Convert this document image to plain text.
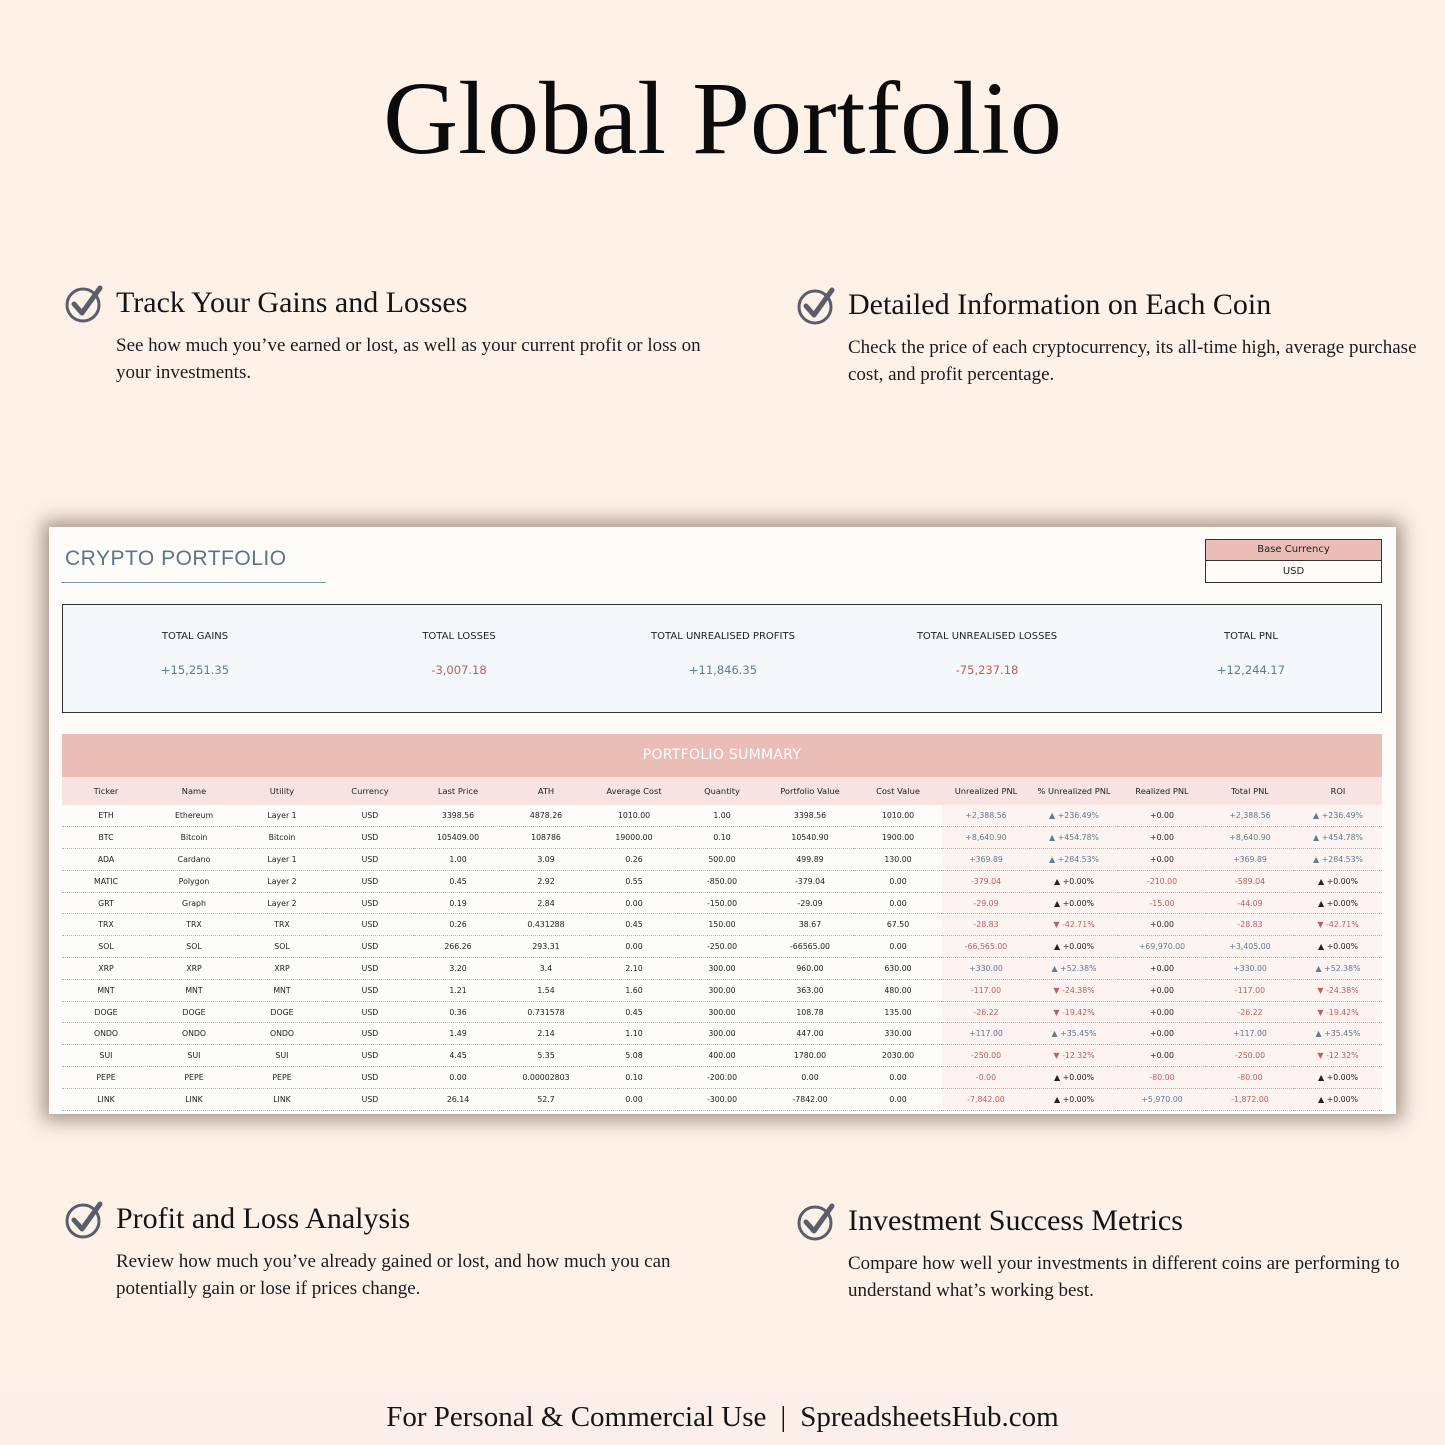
Global Portfolio
Track Your Gains and Losses
See how much you’ve earned or lost, as well as your current profit or loss on your investments.
Detailed Information on Each Coin
Check the price of each cryptocurrency, its all-time high, average purchase cost, and profit percentage.
Profit and Loss Analysis
Review how much you’ve already gained or lost, and how much you can potentially gain or lose if prices change.
Investment Success Metrics
Compare how well your investments in different coins are performing to understand what’s working best.
CRYPTO PORTFOLIO	Base Currency
USD
TOTAL GAINS
+15,251.35
TOTAL LOSSES
-3,007.18
TOTAL UNREALISED PROFITS
+11,846.35
TOTAL UNREALISED LOSSES
-75,237.18
TOTAL PNL
+12,244.17
PORTFOLIO SUMMARY
Ticker	Name	Utility	Currency	Last Price	ATH	Average Cost	Quantity	Portfolio Value	Cost Value	Unrealized PNL	% Unrealized PNL	Realized PNL	Total PNL	ROI
ETH	Ethereum	Layer 1	USD	3398.56	4878.26	1010.00	1.00	3398.56	1010.00	+2,388.56	▲ +236.49%	+0.00	+2,388.56	▲ +236.49%
BTC	Bitcoin	Bitcoin	USD	105409.00	108786	19000.00	0.10	10540.90	1900.00	+8,640.90	▲ +454.78%	+0.00	+8,640.90	▲ +454.78%
ADA	Cardano	Layer 1	USD	1.00	3.09	0.26	500.00	499.89	130.00	+369.89	▲ +284.53%	+0.00	+369.89	▲ +284.53%
MATIC	Polygon	Layer 2	USD	0.45	2.92	0.55	-850.00	-379.04	0.00	-379.04	▲ +0.00%	-210.00	-589.04	▲ +0.00%
GRT	Graph	Layer 2	USD	0.19	2.84	0.00	-150.00	-29.09	0.00	-29.09	▲ +0.00%	-15.00	-44.09	▲ +0.00%
TRX	TRX	TRX	USD	0.26	0.431288	0.45	150.00	38.67	67.50	-28.83	▼ -42.71%	+0.00	-28.83	▼ -42.71%
SOL	SOL	SOL	USD	266.26	293.31	0.00	-250.00	-66565.00	0.00	-66,565.00	▲ +0.00%	+69,970.00	+3,405.00	▲ +0.00%
XRP	XRP	XRP	USD	3.20	3.4	2.10	300.00	960.00	630.00	+330.00	▲ +52.38%	+0.00	+330.00	▲ +52.38%
MNT	MNT	MNT	USD	1.21	1.54	1.60	300.00	363.00	480.00	-117.00	▼ -24.38%	+0.00	-117.00	▼ -24.38%
DOGE	DOGE	DOGE	USD	0.36	0.731578	0.45	300.00	108.78	135.00	-26.22	▼ -19.42%	+0.00	-26.22	▼ -19.42%
ONDO	ONDO	ONDO	USD	1.49	2.14	1.10	300.00	447.00	330.00	+117.00	▲ +35.45%	+0.00	+117.00	▲ +35.45%
SUI	SUI	SUI	USD	4.45	5.35	5.08	400.00	1780.00	2030.00	-250.00	▼ -12.32%	+0.00	-250.00	▼ -12.32%
PEPE	PEPE	PEPE	USD	0.00	0.00002803	0.10	-200.00	0.00	0.00	-0.00	▲ +0.00%	-80.00	-80.00	▲ +0.00%
LINK	LINK	LINK	USD	26.14	52.7	0.00	-300.00	-7842.00	0.00	-7,842.00	▲ +0.00%	+5,970.00	-1,872.00	▲ +0.00%
For Personal & Commercial Use | SpreadsheetsHub.com
